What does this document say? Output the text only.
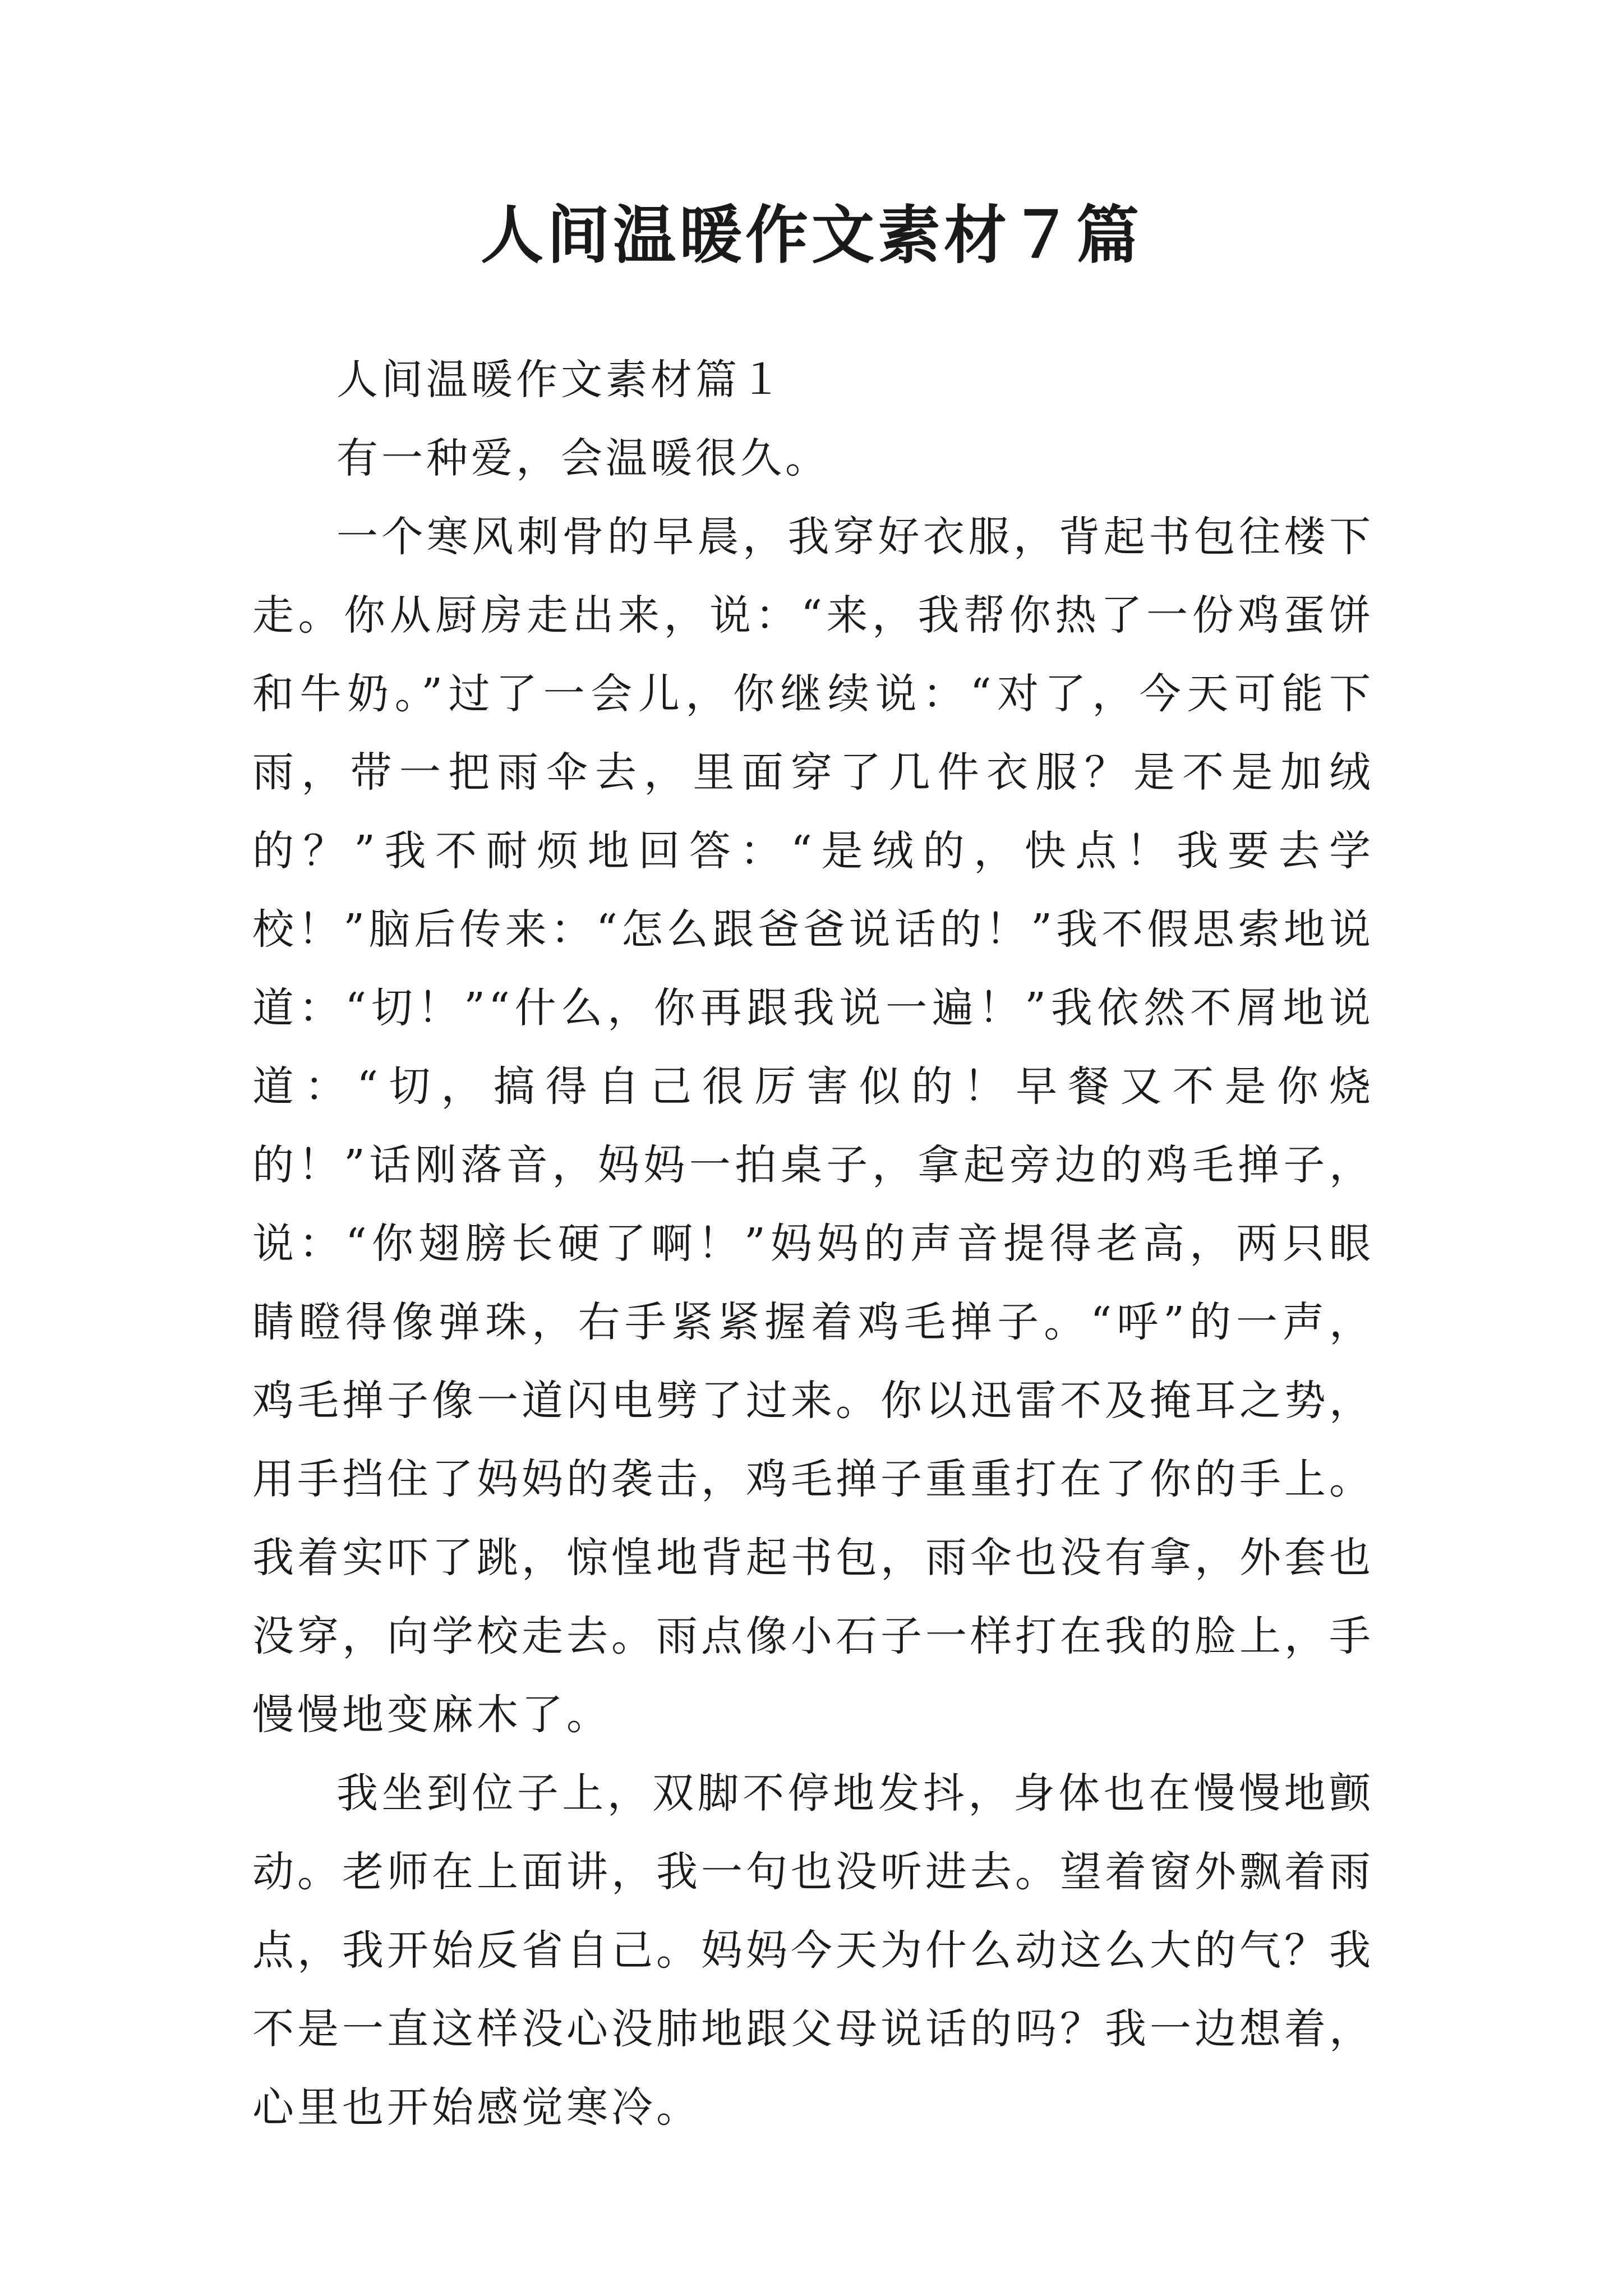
人间温暖作文素材７篇
人间温暖作文素材篇１

有一种爱，会温暖很久。

一个寒风刺骨的早晨，我穿好衣服，背起书包往楼下走。你从厨房走出来，说：“来，我帮你热了一份鸡蛋饼和牛奶。”过了一会儿，你继续说：“对了，今天可能下雨，带一把雨伞去，里面穿了几件衣服？是不是加绒的？”我不耐烦地回答：“是绒的，快点！我要去学校！”脑后传来：“怎么跟爸爸说话的！”我不假思索地说道：“切！”“什么，你再跟我说一遍！”我依然不屑地说道：“切，搞得自己很厉害似的！早餐又不是你烧的！”话刚落音，妈妈一拍桌子，拿起旁边的鸡毛掸子，说：“你翅膀长硬了啊！”妈妈的声音提得老高，两只眼睛瞪得像弹珠，右手紧紧握着鸡毛掸子。“呼”的一声，鸡毛掸子像一道闪电劈了过来。你以迅雷不及掩耳之势，用手挡住了妈妈的袭击，鸡毛掸子重重打在了你的手上。我着实吓了跳，惊惶地背起书包，雨伞也没有拿，外套也没穿，向学校走去。雨点像小石子一样打在我的脸上，手慢慢地变麻木了。

我坐到位子上，双脚不停地发抖，身体也在慢慢地颤动。老师在上面讲，我一句也没听进去。望着窗外飘着雨点，我开始反省自己。妈妈今天为什么动这么大的气？我不是一直这样没心没肺地跟父母说话的吗？我一边想着，心里也开始感觉寒冷。
